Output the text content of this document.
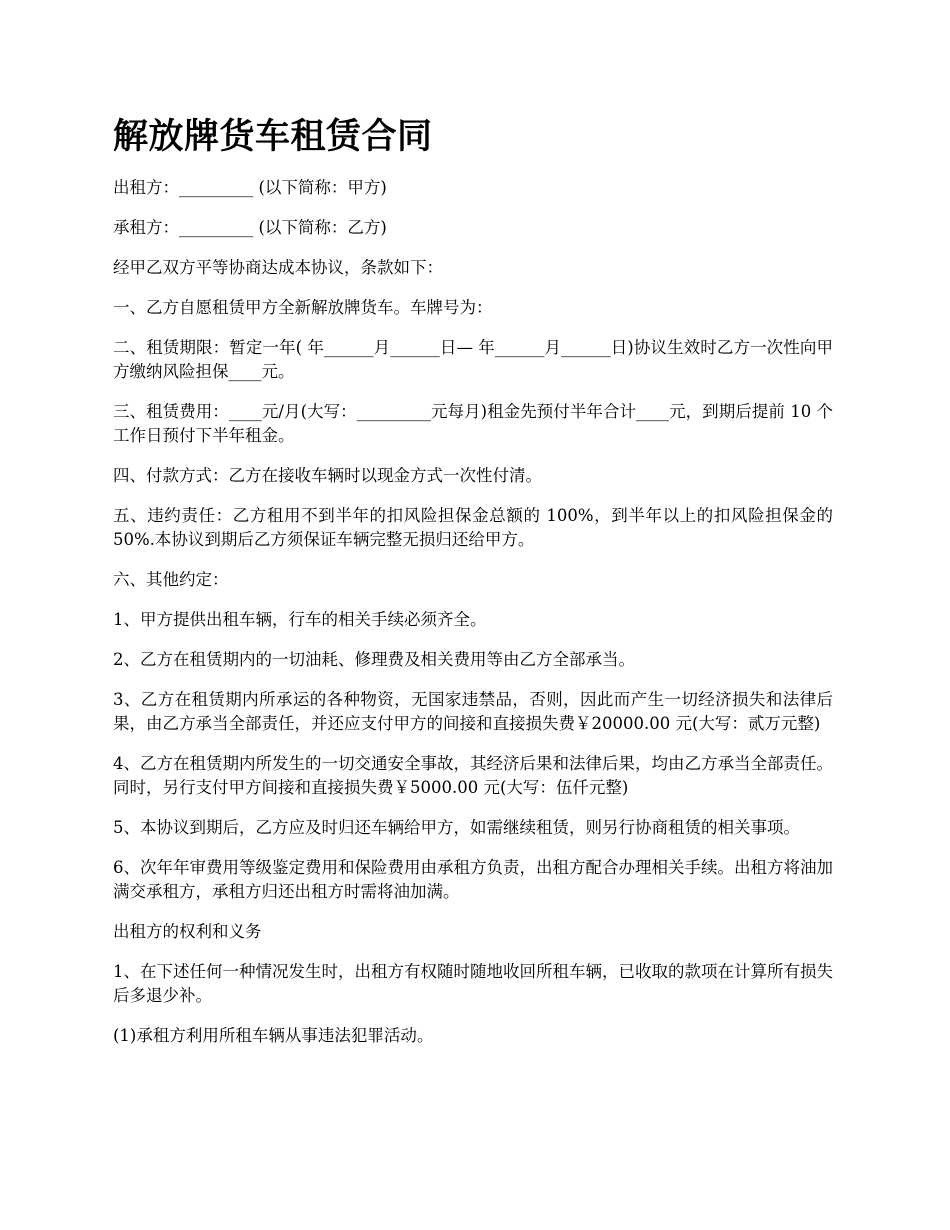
解放牌货车租赁合同

出租方：_________ (以下简称：甲方)

承租方：_________ (以下简称：乙方)

经甲乙双方平等协商达成本协议，条款如下：

一、乙方自愿租赁甲方全新解放牌货车。车牌号为：

二、租赁期限：暂定一年( 年______月______日— 年______月______日)协议生效时乙方一次性向甲方缴纳风险担保____元。

三、租赁费用：____元/月(大写：_________元每月)租金先预付半年合计____元，到期后提前 10 个工作日预付下半年租金。

四、付款方式：乙方在接收车辆时以现金方式一次性付清。

五、违约责任：乙方租用不到半年的扣风险担保金总额的 100%，到半年以上的扣风险担保金的 50%.本协议到期后乙方须保证车辆完整无损归还给甲方。

六、其他约定：

1、甲方提供出租车辆，行车的相关手续必须齐全。

2、乙方在租赁期内的一切油耗、修理费及相关费用等由乙方全部承当。

3、乙方在租赁期内所承运的各种物资，无国家违禁品，否则，因此而产生一切经济损失和法律后果，由乙方承当全部责任，并还应支付甲方的间接和直接损失费￥20000.00 元(大写：贰万元整)

4、乙方在租赁期内所发生的一切交通安全事故，其经济后果和法律后果，均由乙方承当全部责任。同时，另行支付甲方间接和直接损失费￥5000.00 元(大写：伍仟元整)

5、本协议到期后，乙方应及时归还车辆给甲方，如需继续租赁，则另行协商租赁的相关事项。

6、次年年审费用等级鉴定费用和保险费用由承租方负责，出租方配合办理相关手续。出租方将油加满交承租方，承租方归还出租方时需将油加满。

出租方的权利和义务

1、在下述任何一种情况发生时，出租方有权随时随地收回所租车辆，已收取的款项在计算所有损失后多退少补。

(1)承租方利用所租车辆从事违法犯罪活动。
